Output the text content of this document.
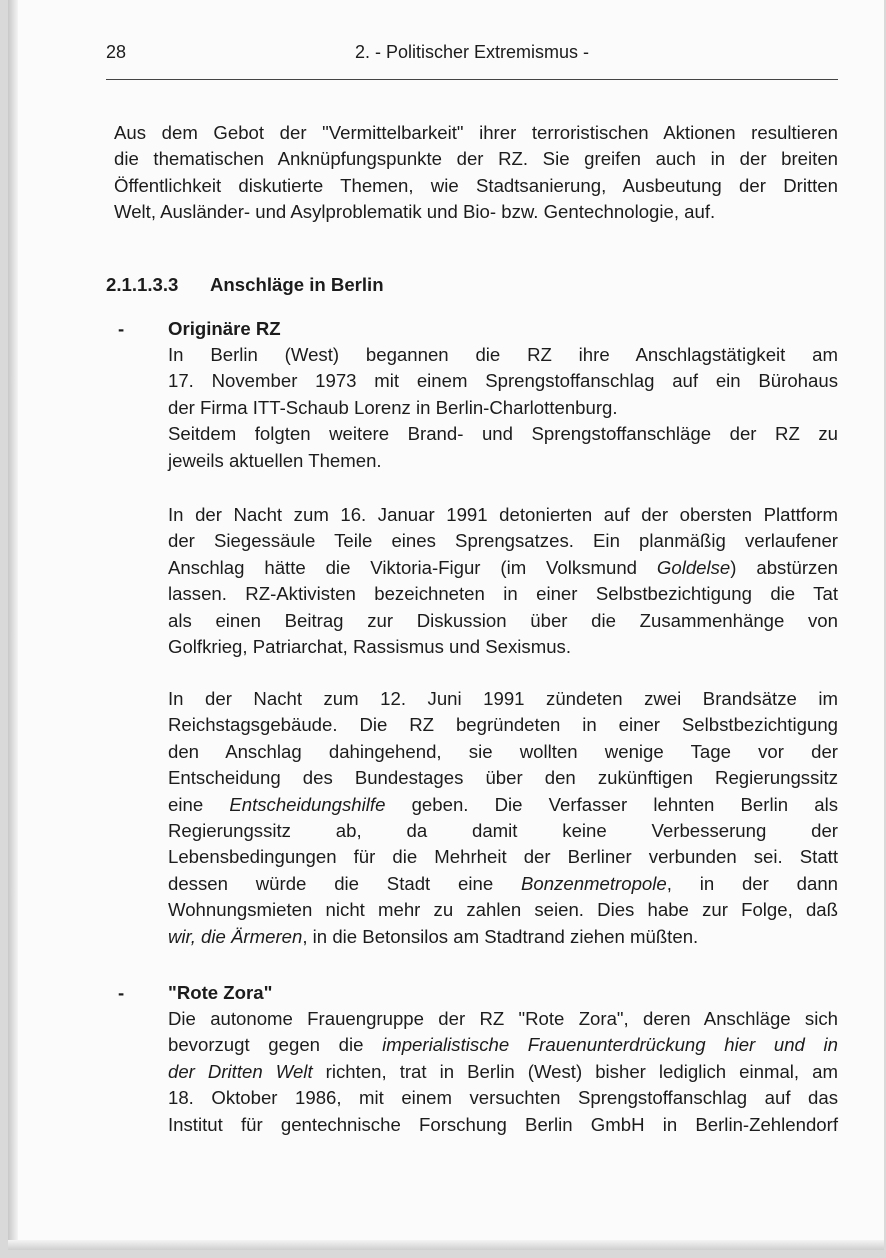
28	2. - Politischer Extremismus -
Aus dem Gebot der "Vermittelbarkeit" ihrer terroristischen Aktionen resultieren
die thematischen Anknüpfungspunkte der RZ. Sie greifen auch in der breiten
Öffentlichkeit diskutierte Themen, wie Stadtsanierung, Ausbeutung der Dritten
Welt, Ausländer- und Asylproblematik und Bio- bzw. Gentechnologie, auf.
2.1.1.3.3 Anschläge in Berlin
- Originäre RZ
In Berlin (West) begannen die RZ ihre Anschlagstätigkeit am
17. November 1973 mit einem Sprengstoffanschlag auf ein Bürohaus
der Firma ITT-Schaub Lorenz in Berlin-Charlottenburg.
Seitdem folgten weitere Brand- und Sprengstoffanschläge der RZ zu
jeweils aktuellen Themen.
In der Nacht zum 16. Januar 1991 detonierten auf der obersten Plattform
der Siegessäule Teile eines Sprengsatzes. Ein planmäßig verlaufener
Anschlag hätte die Viktoria-Figur (im Volksmund Goldelse) abstürzen
lassen. RZ-Aktivisten bezeichneten in einer Selbstbezichtigung die Tat
als einen Beitrag zur Diskussion über die Zusammenhänge von
Golfkrieg, Patriarchat, Rassismus und Sexismus.
In der Nacht zum 12. Juni 1991 zündeten zwei Brandsätze im
Reichstagsgebäude. Die RZ begründeten in einer Selbstbezichtigung
den Anschlag dahingehend, sie wollten wenige Tage vor der
Entscheidung des Bundestages über den zukünftigen Regierungssitz
eine Entscheidungshilfe geben. Die Verfasser lehnten Berlin als
Regierungssitz ab, da damit keine Verbesserung der
Lebensbedingungen für die Mehrheit der Berliner verbunden sei. Statt
dessen würde die Stadt eine Bonzenmetropole, in der dann
Wohnungsmieten nicht mehr zu zahlen seien. Dies habe zur Folge, daß
wir, die Ärmeren, in die Betonsilos am Stadtrand ziehen müßten.
- "Rote Zora"
Die autonome Frauengruppe der RZ "Rote Zora", deren Anschläge sich
bevorzugt gegen die imperialistische Frauenunterdrückung hier und in
der Dritten Welt richten, trat in Berlin (West) bisher lediglich einmal, am
18. Oktober 1986, mit einem versuchten Sprengstoffanschlag auf das
Institut für gentechnische Forschung Berlin GmbH in Berlin-Zehlendorf
